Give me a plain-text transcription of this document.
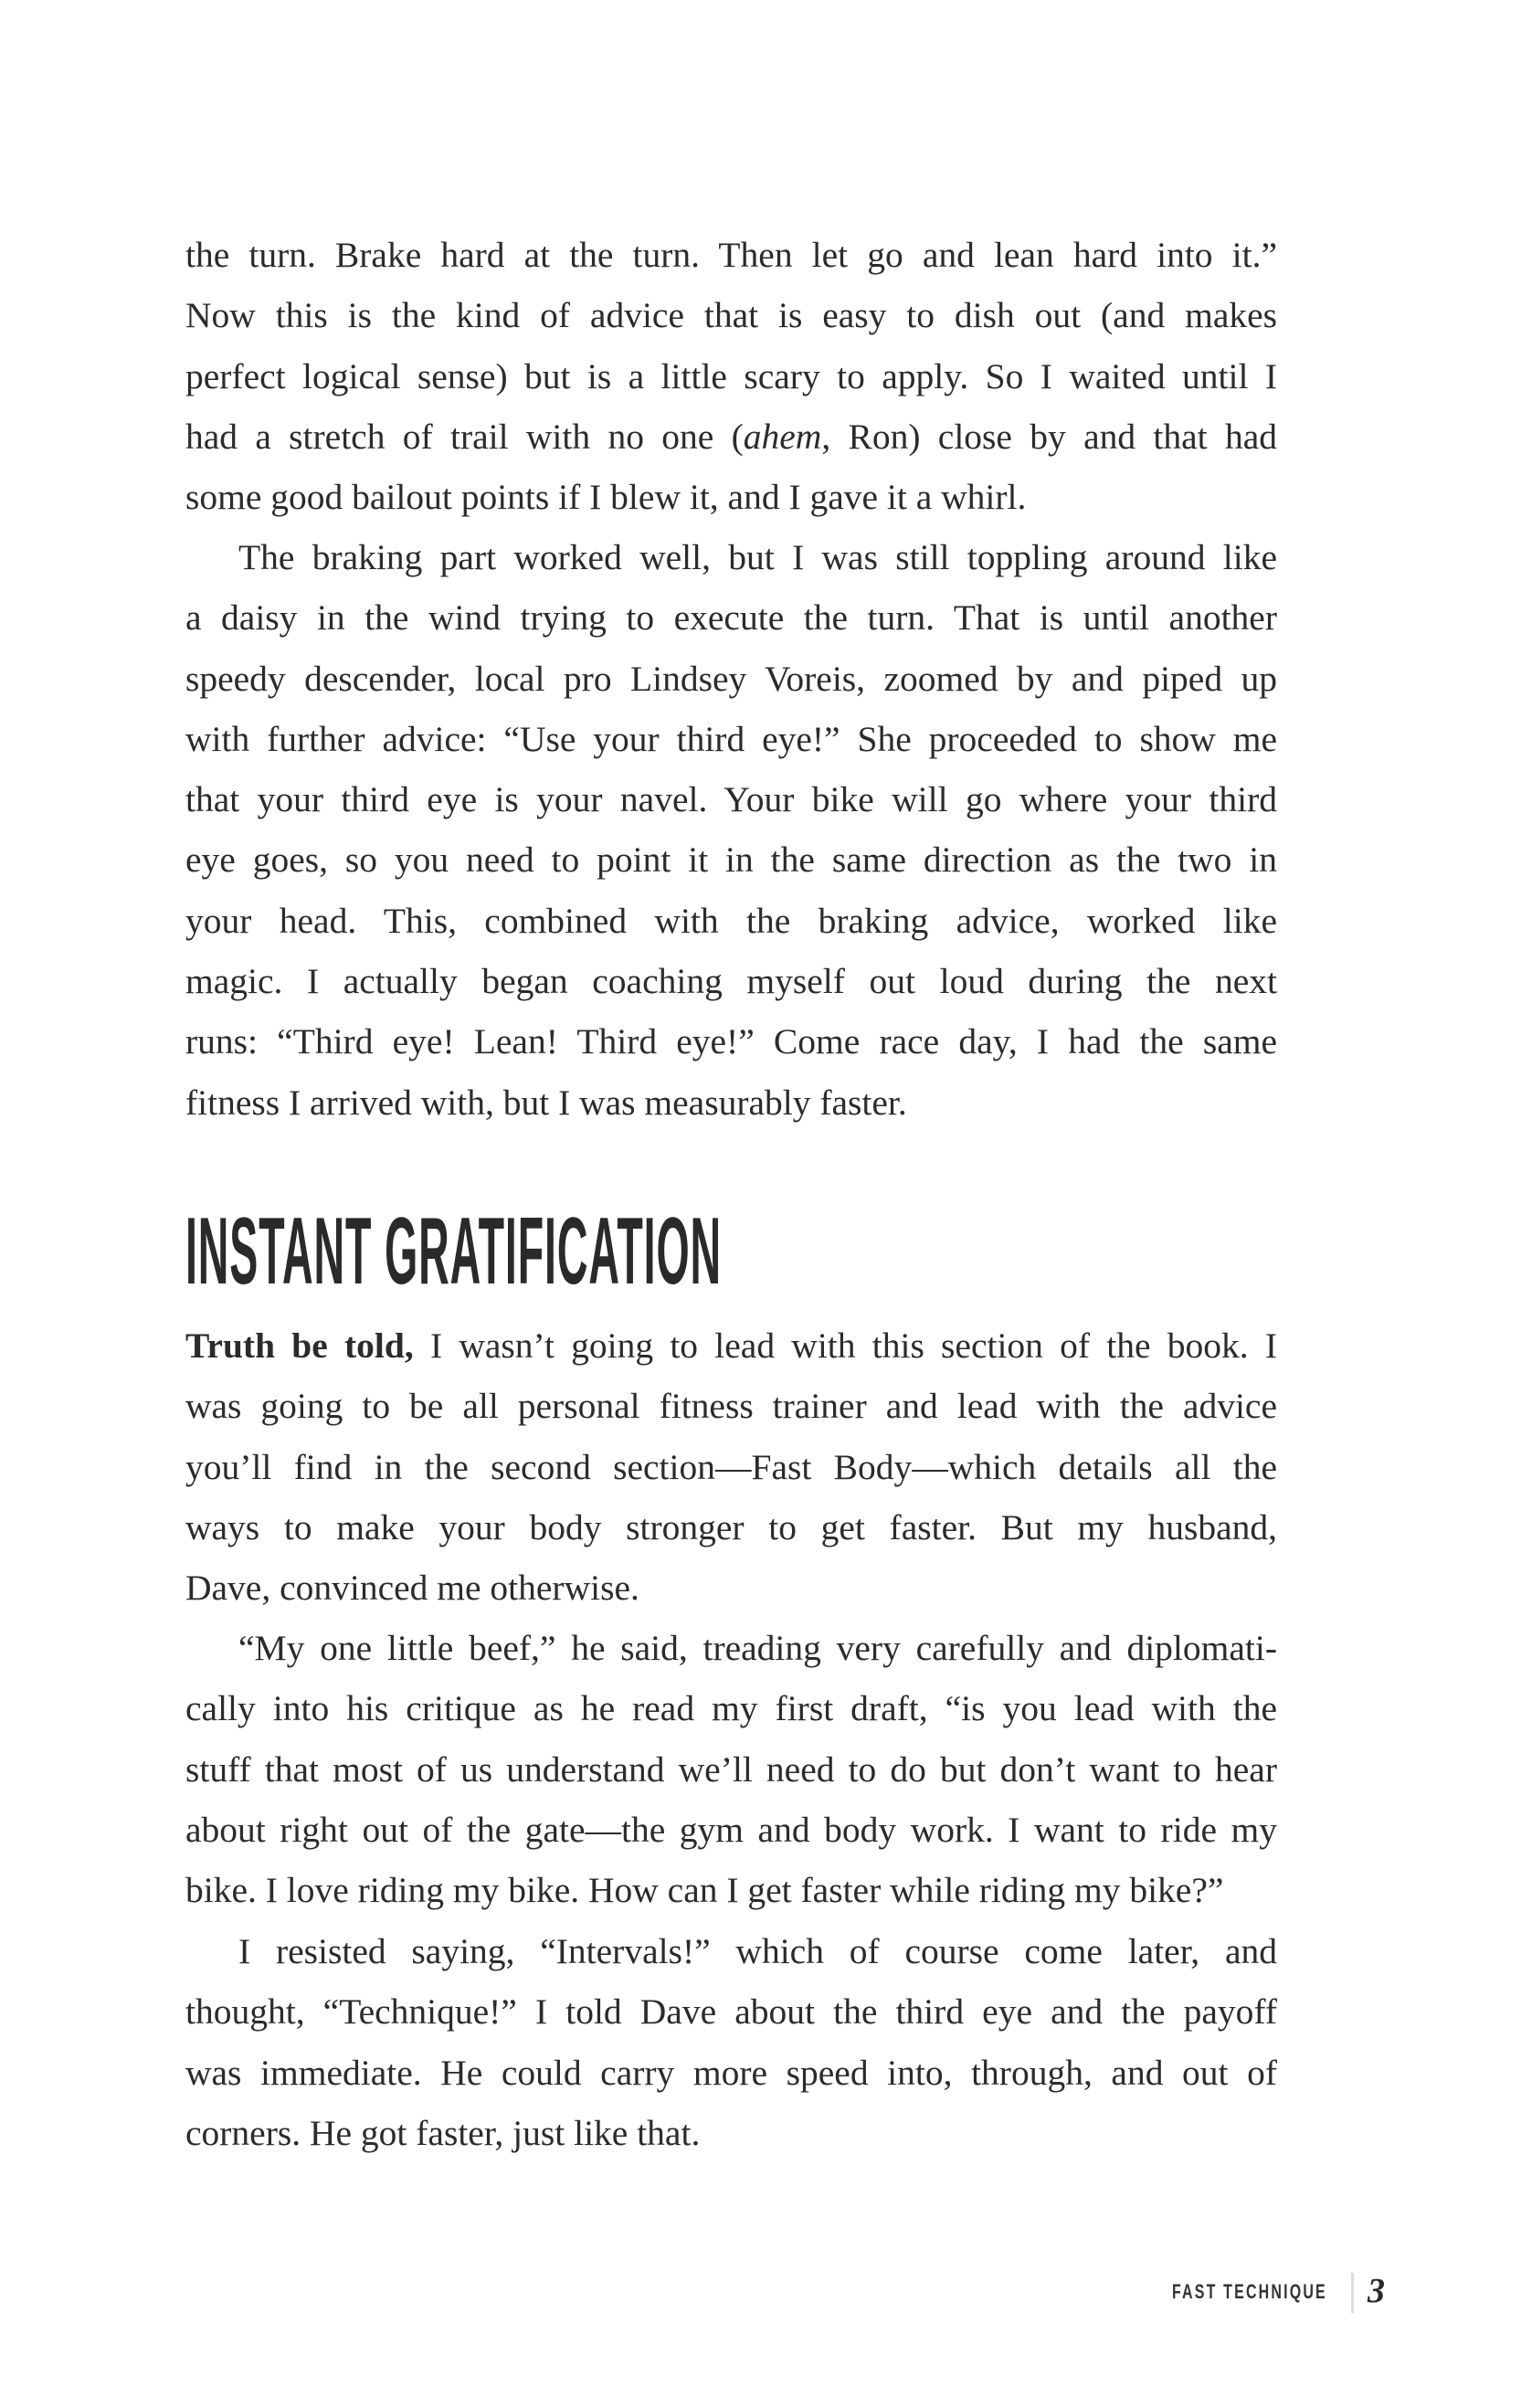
the turn. Brake hard at the turn. Then let go and lean hard into it.”
Now this is the kind of advice that is easy to dish out (and makes
perfect logical sense) but is a little scary to apply. So I waited until I
had a stretch of trail with no one (ahem, Ron) close by and that had
some good bailout points if I blew it, and I gave it a whirl.
The braking part worked well, but I was still toppling around like
a daisy in the wind trying to execute the turn. That is until another
speedy descender, local pro Lindsey Voreis, zoomed by and piped up
with further advice: “Use your third eye!” She proceeded to show me
that your third eye is your navel. Your bike will go where your third
eye goes, so you need to point it in the same direction as the two in
your head. This, combined with the braking advice, worked like
magic. I actually began coaching myself out loud during the next
runs: “Third eye! Lean! Third eye!” Come race day, I had the same
fitness I arrived with, but I was measurably faster.
INSTANT GRATIFICATION
Truth be told, I wasn’t going to lead with this section of the book. I
was going to be all personal fitness trainer and lead with the advice
you’ll find in the second section—Fast Body—which details all the
ways to make your body stronger to get faster. But my husband,
Dave, convinced me otherwise.
“My one little beef,” he said, treading very carefully and diplomati-
cally into his critique as he read my first draft, “is you lead with the
stuff that most of us understand we’ll need to do but don’t want to hear
about right out of the gate—the gym and body work. I want to ride my
bike. I love riding my bike. How can I get faster while riding my bike?”
I resisted saying, “Intervals!” which of course come later, and
thought, “Technique!” I told Dave about the third eye and the payoff
was immediate. He could carry more speed into, through, and out of
corners. He got faster, just like that.
FAST TECHNIQUE 3
